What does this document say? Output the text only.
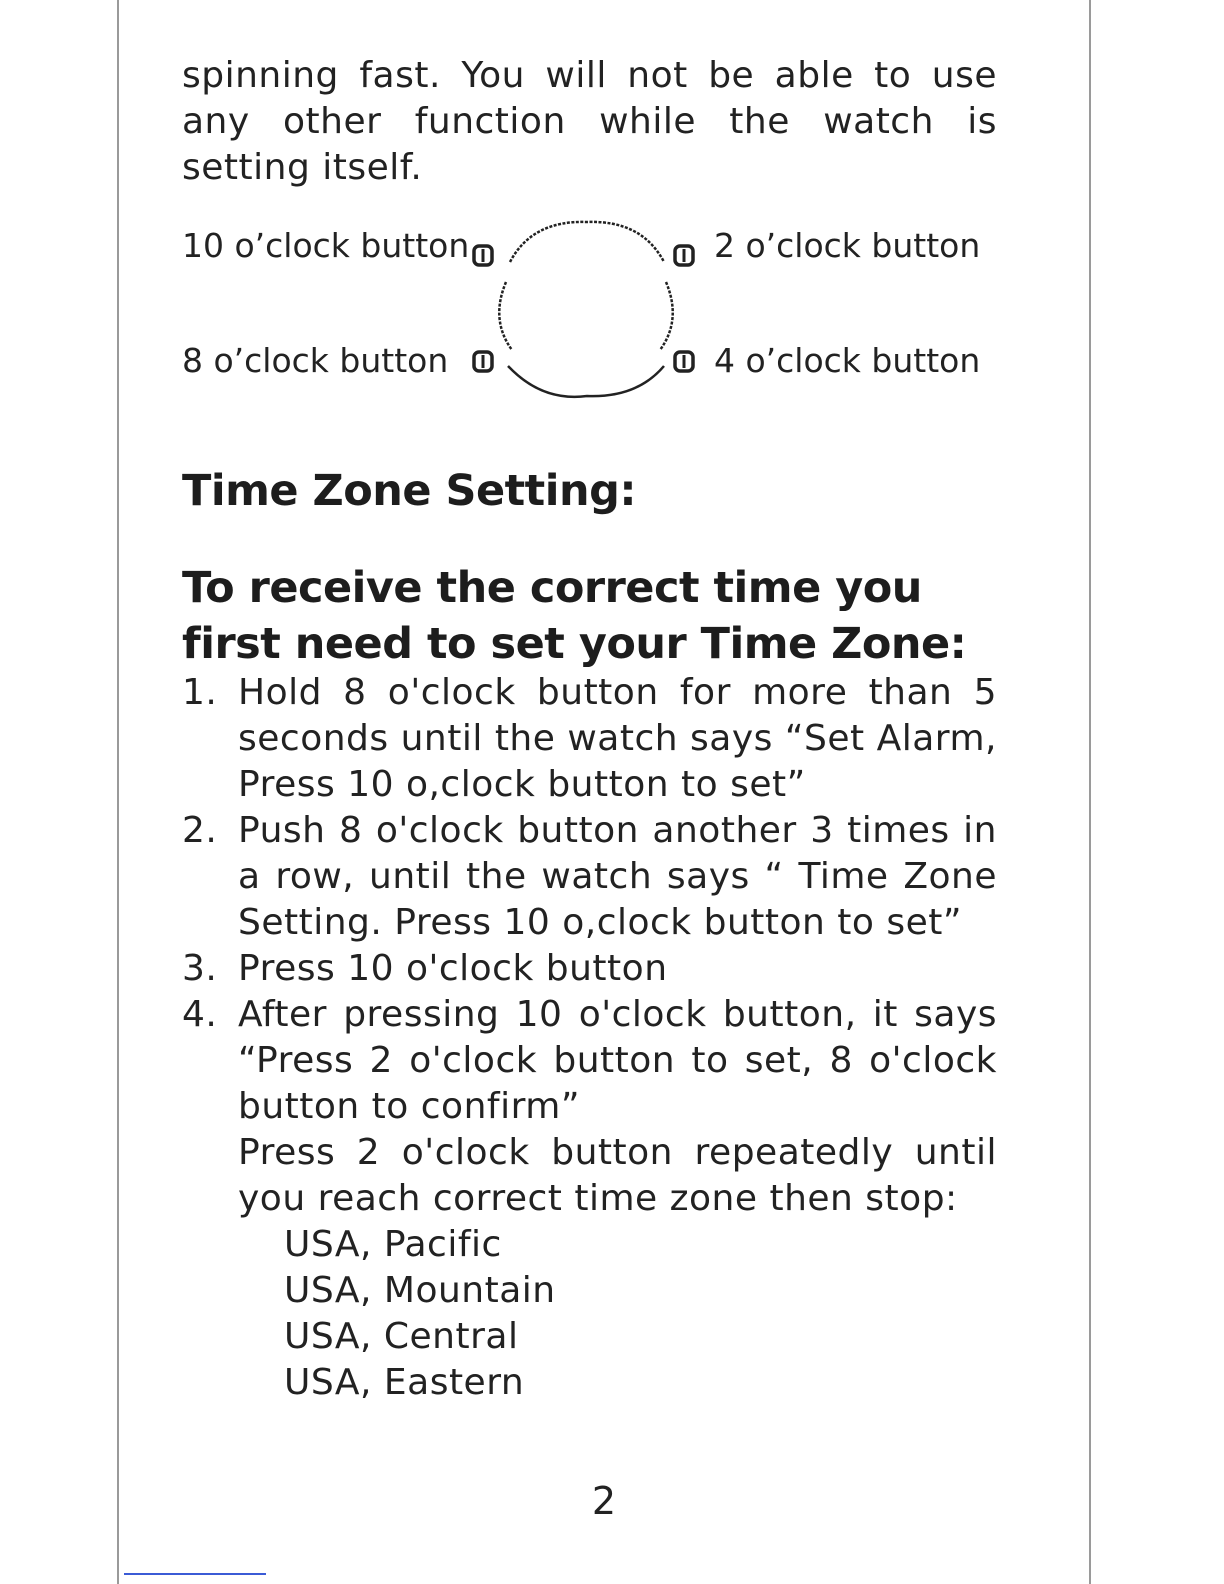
spinning fast. You will not be able to use

any other function while the watch is

setting itself.

10 o’clock button
8 o’clock button
2 o’clock button
4 o’clock button
Time Zone Setting:
To receive the correct time you first need to set your Time Zone:
1. Hold 8 o'clock button for more than 5 seconds until the watch says “Set Alarm, Press 10 o,clock button to set”
2. Push 8 o'clock button another 3 times in a row, until the watch says “ Time Zone Setting. Press 10 o,clock button to set”
3. Press 10 o'clock button
4. After pressing 10 o'clock button, it says “Press 2 o'clock button to set, 8 o'clock button to confirm”
Press 2 o'clock button repeatedly until you reach correct time zone then stop:
USA, Pacific
USA, Mountain
USA, Central
USA, Eastern
2
